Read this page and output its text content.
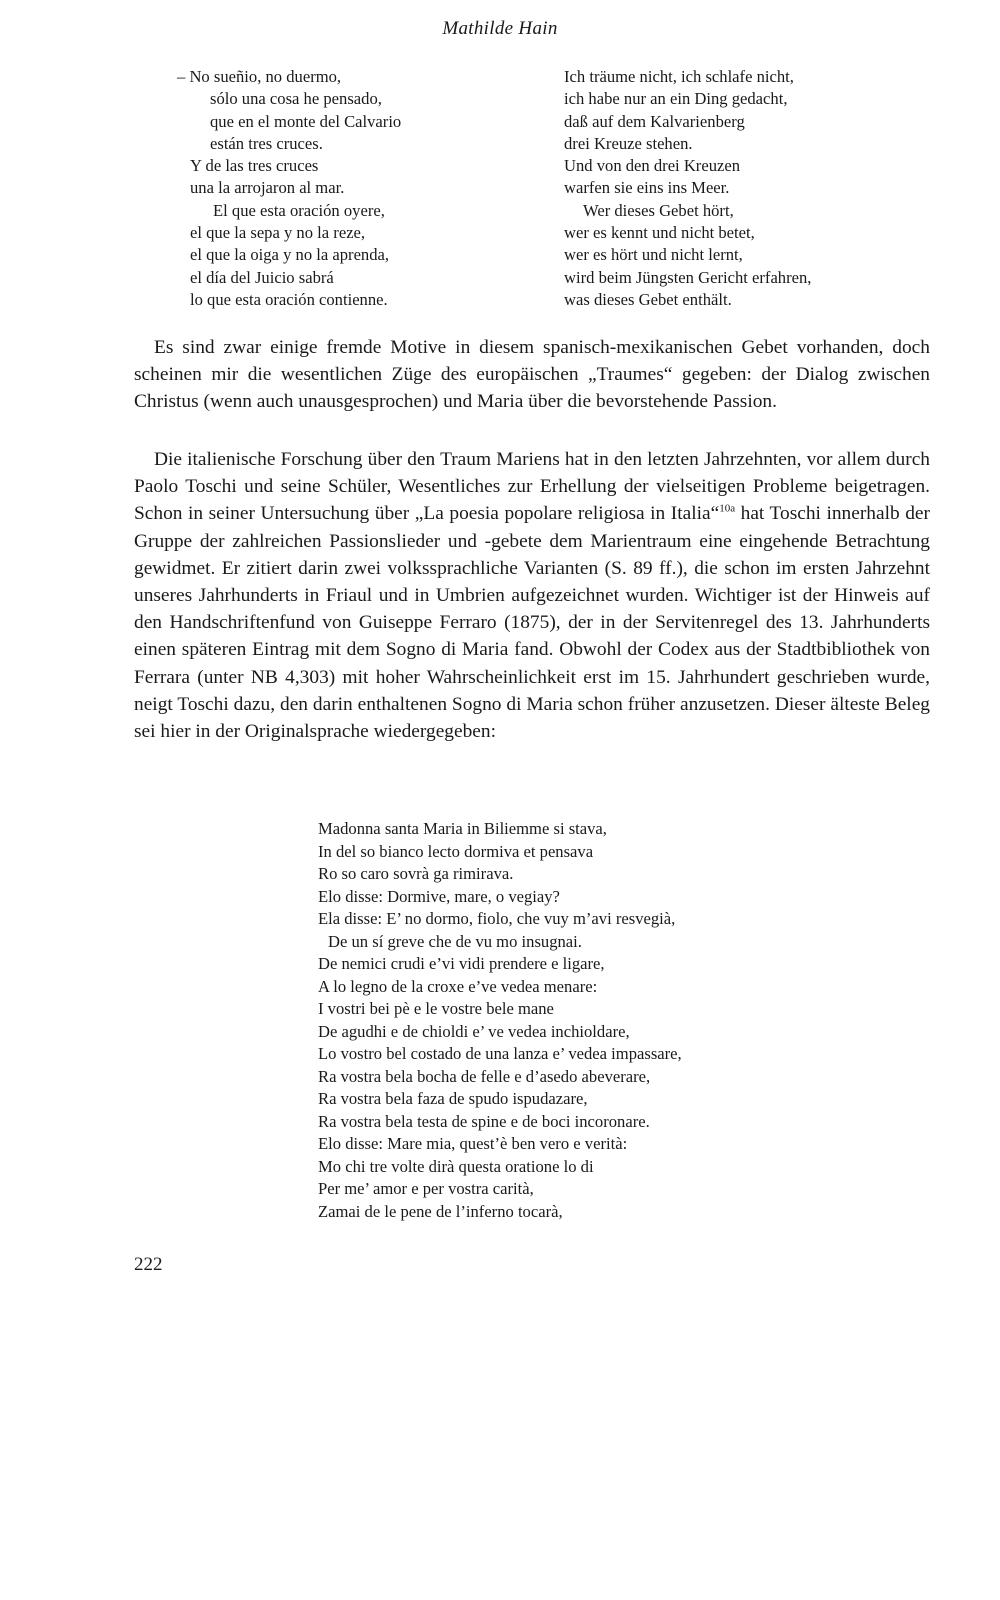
Mathilde Hain
– No sueñio, no duermo,
sólo una cosa he pensado,
que en el monte del Calvario
están tres cruces.
Y de las tres cruces
una la arrojaron al mar.
El que esta oración oyere,
el que la sepa y no la reze,
el que la oiga y no la aprenda,
el día del Juicio sabrá
lo que esta oración contienne.
Ich träume nicht, ich schlafe nicht,
ich habe nur an ein Ding gedacht,
daß auf dem Kalvarienberg
drei Kreuze stehen.
Und von den drei Kreuzen
warfen sie eins ins Meer.
Wer dieses Gebet hört,
wer es kennt und nicht betet,
wer es hört und nicht lernt,
wird beim Jüngsten Gericht erfahren,
was dieses Gebet enthält.

Es sind zwar einige fremde Motive in diesem spanisch-mexikanischen Gebet vorhanden, doch scheinen mir die wesentlichen Züge des europäischen „Traumes“ gegeben: der Dialog zwischen Christus (wenn auch unausgesprochen) und Maria über die bevorstehende Passion.

Die italienische Forschung über den Traum Mariens hat in den letzten Jahrzehnten, vor allem durch Paolo Toschi und seine Schüler, Wesentliches zur Erhellung der vielseitigen Probleme beigetragen. Schon in seiner Untersuchung über „La poesia popolare religiosa in Italia“$^{10a}$ hat Toschi innerhalb der Gruppe der zahlreichen Passionslieder und -gebete dem Marientraum eine eingehende Betrachtung gewidmet. Er zitiert darin zwei volkssprachliche Varianten (S. 89 ff.), die schon im ersten Jahrzehnt unseres Jahrhunderts in Friaul und in Umbrien aufgezeichnet wurden. Wichtiger ist der Hinweis auf den Handschriftenfund von Guiseppe Ferraro (1875), der in der Servitenregel des 13. Jahrhunderts einen späteren Eintrag mit dem Sogno di Maria fand. Obwohl der Codex aus der Stadtbibliothek von Ferrara (unter NB 4,303) mit hoher Wahrscheinlichkeit erst im 15. Jahrhundert geschrieben wurde, neigt Toschi dazu, den darin enthaltenen Sogno di Maria schon früher anzusetzen. Dieser älteste Beleg sei hier in der Originalsprache wiedergegeben:

Madonna santa Maria in Biliemme si stava,
In del so bianco lecto dormiva et pensava
Ro so caro sovrà ga rimirava.
Elo disse: Dormive, mare, o vegiay?
Ela disse: E’ no dormo, fiolo, che vuy m’avi resvegià,
De un sí greve che de vu mo insugnai.
De nemici crudi e’vi vidi prendere e ligare,
A lo legno de la croxe e’ve vedea menare:
I vostri bei pè e le vostre bele mane
De agudhi e de chioldi e’ ve vedea inchioldare,
Lo vostro bel costado de una lanza e’ vedea impassare,
Ra vostra bela bocha de felle e d’asedo abeverare,
Ra vostra bela faza de spudo ispudazare,
Ra vostra bela testa de spine e de boci incoronare.
Elo disse: Mare mia, quest’è ben vero e verità:
Mo chi tre volte dirà questa oratione lo di
Per me’ amor e per vostra carità,
Zamai de le pene de l’inferno tocarà,
222
